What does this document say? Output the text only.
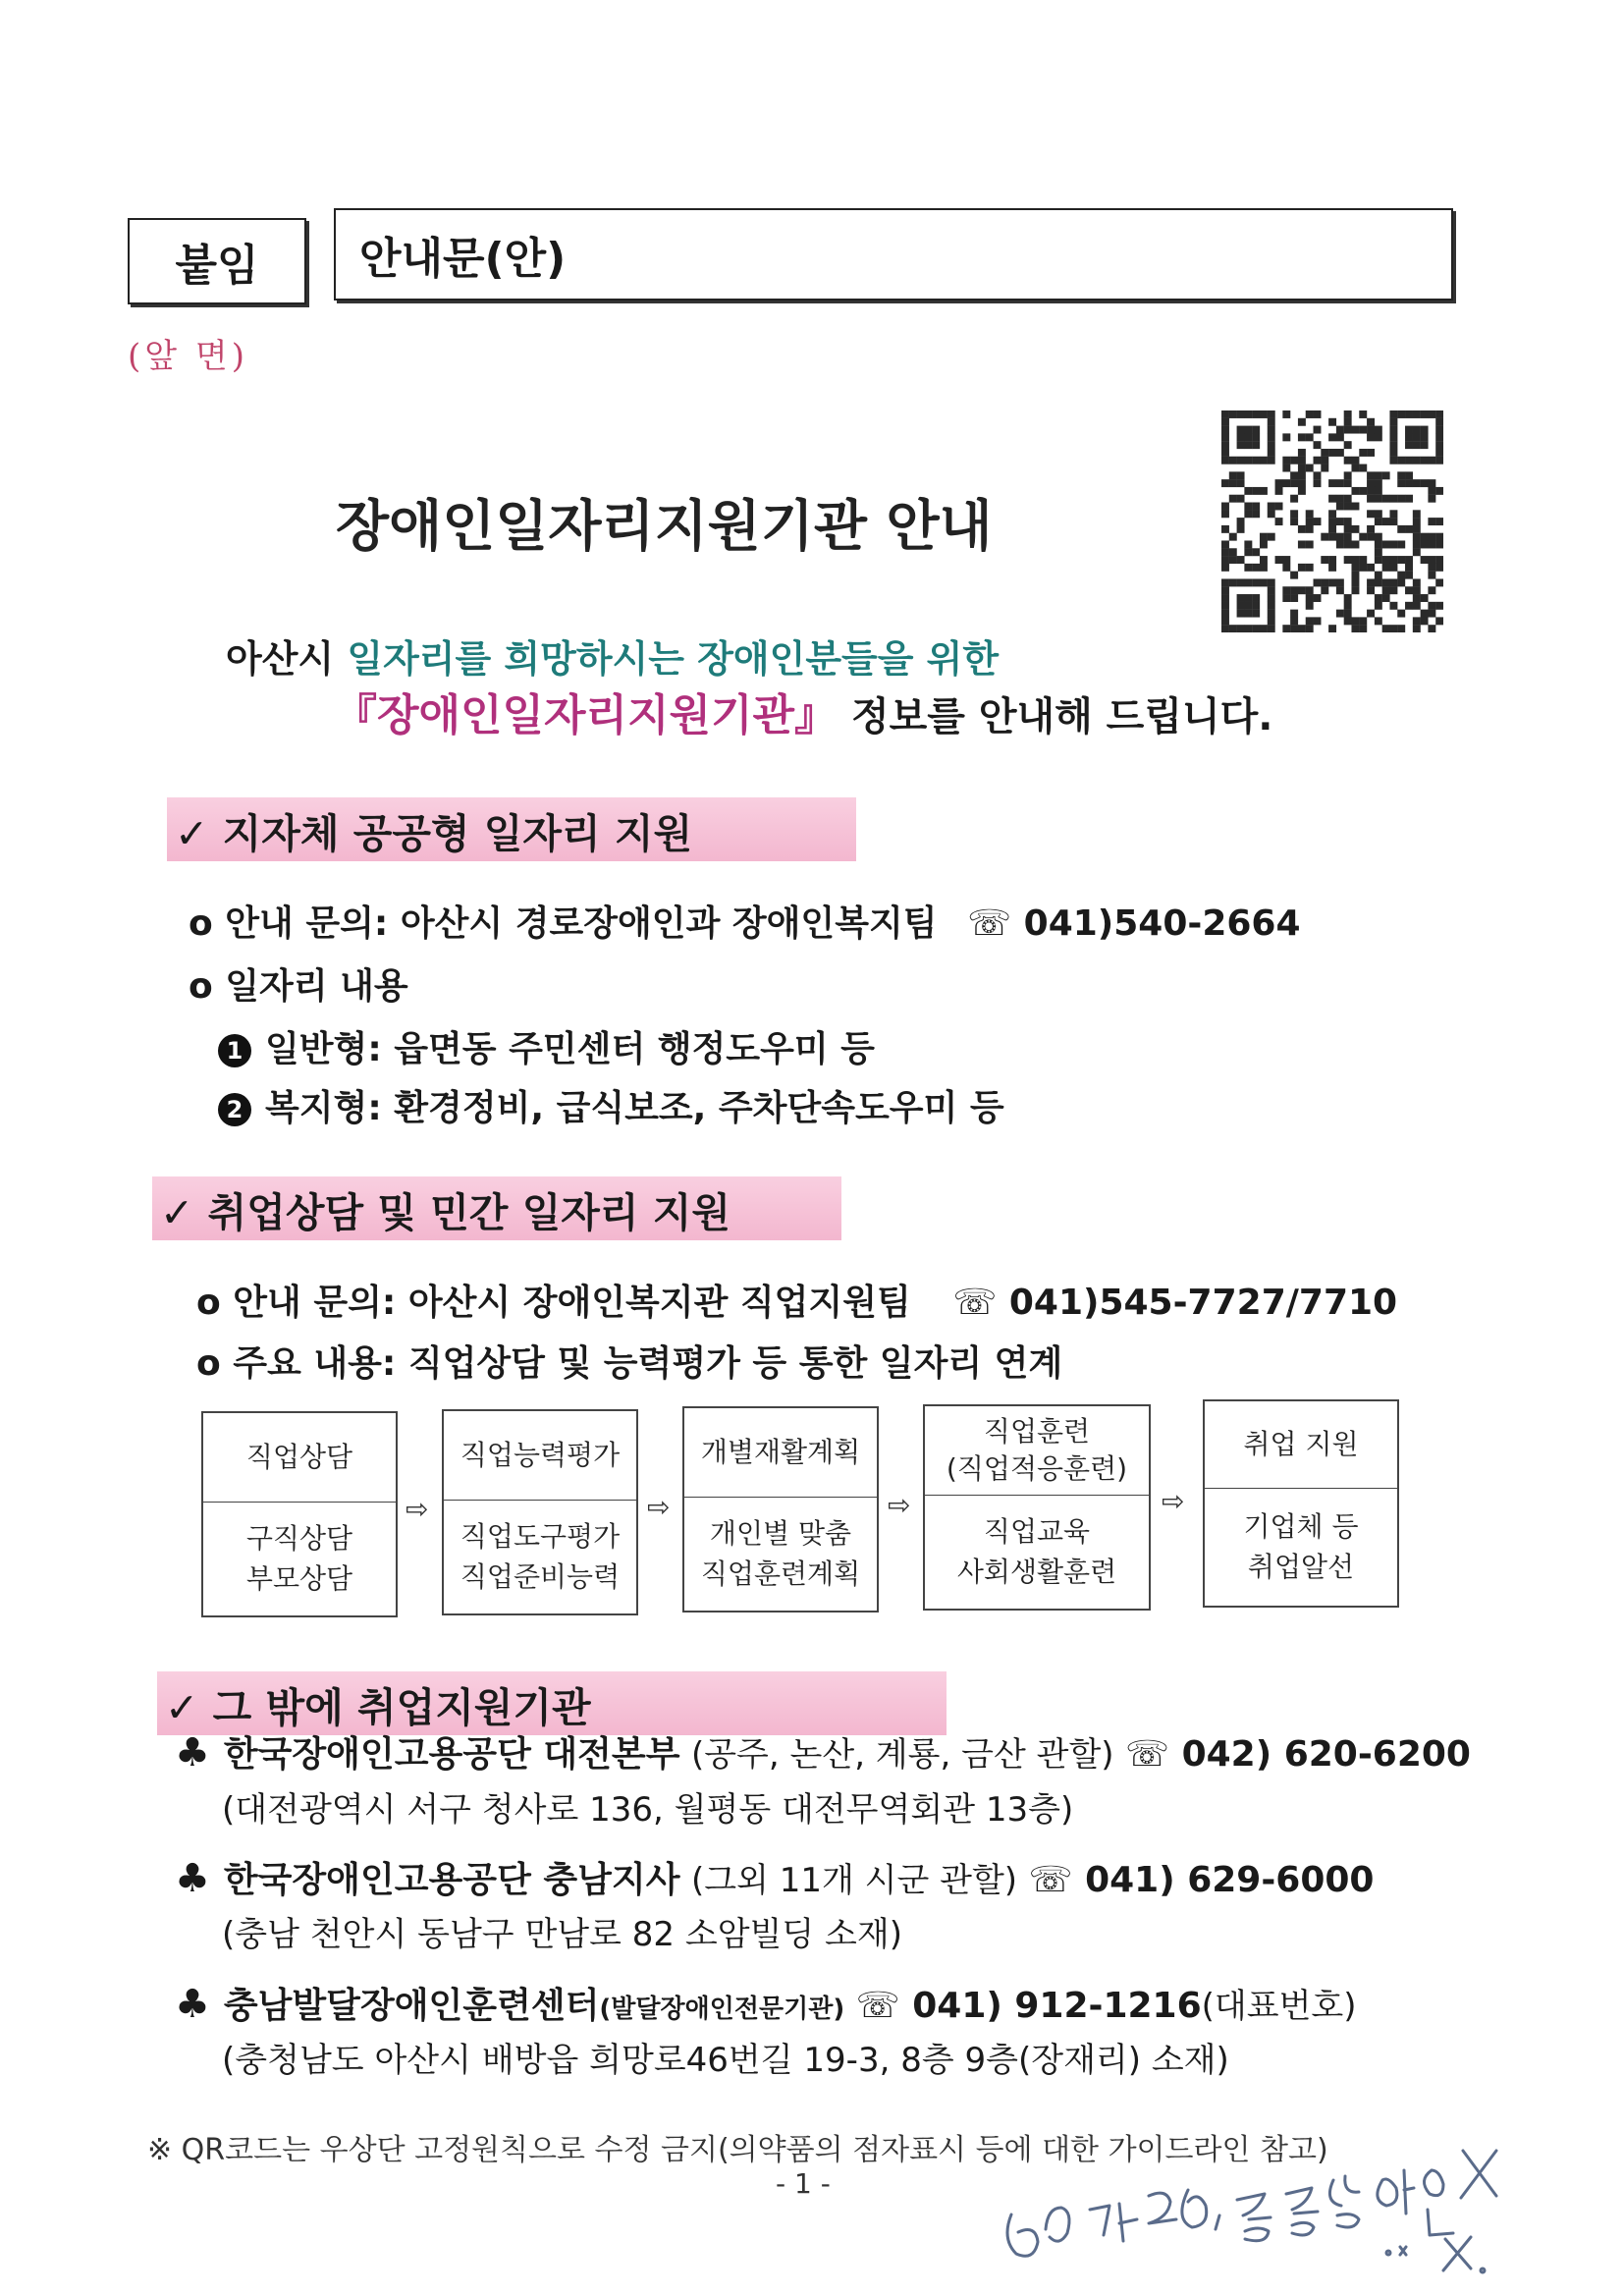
붙임	안내문(안)
(앞 면)
장애인일자리지원기관 안내
아산시 일자리를 희망하시는 장애인분들을 위한
『장애인일자리지원기관』 정보를 안내해 드립니다.
✓ 지자체 공공형 일자리 지원
o 안내 문의: 아산시 경로장애인과 장애인복지팀 ☏ 041)540-2664
o 일자리 내용
1 일반형: 읍면동 주민센터 행정도우미 등
2 복지형: 환경정비, 급식보조, 주차단속도우미 등
✓ 취업상담 및 민간 일자리 지원
o 안내 문의: 아산시 장애인복지관 직업지원팀 ☏ 041)545-7727/7710
o 주요 내용: 직업상담 및 능력평가 등 통한 일자리 연계
직업상담
구직상담
부모상담
⇨
직업능력평가
직업도구평가
직업준비능력
⇨
개별재활계획
개인별 맞춤
직업훈련계획
⇨
직업훈련
(직업적응훈련)
직업교육
사회생활훈련
⇨
취업 지원
기업체 등
취업알선
✓ 그 밖에 취업지원기관
♣ 한국장애인고용공단 대전본부 (공주, 논산, 계룡, 금산 관할) ☏ 042) 620-6200
(대전광역시 서구 청사로 136, 월평동 대전무역회관 13층)
♣ 한국장애인고용공단 충남지사 (그외 11개 시군 관할) ☏ 041) 629-6000
(충남 천안시 동남구 만남로 82 소암빌딩 소재)
♣ 충남발달장애인훈련센터(발달장애인전문기관) ☏ 041) 912-1216(대표번호)
(충청남도 아산시 배방읍 희망로46번길 19-3, 8층 9층(장재리) 소재)
※ QR코드는 우상단 고정원칙으로 수정 금지(의약품의 점자표시 등에 대한 가이드라인 참고)
- 1 -
